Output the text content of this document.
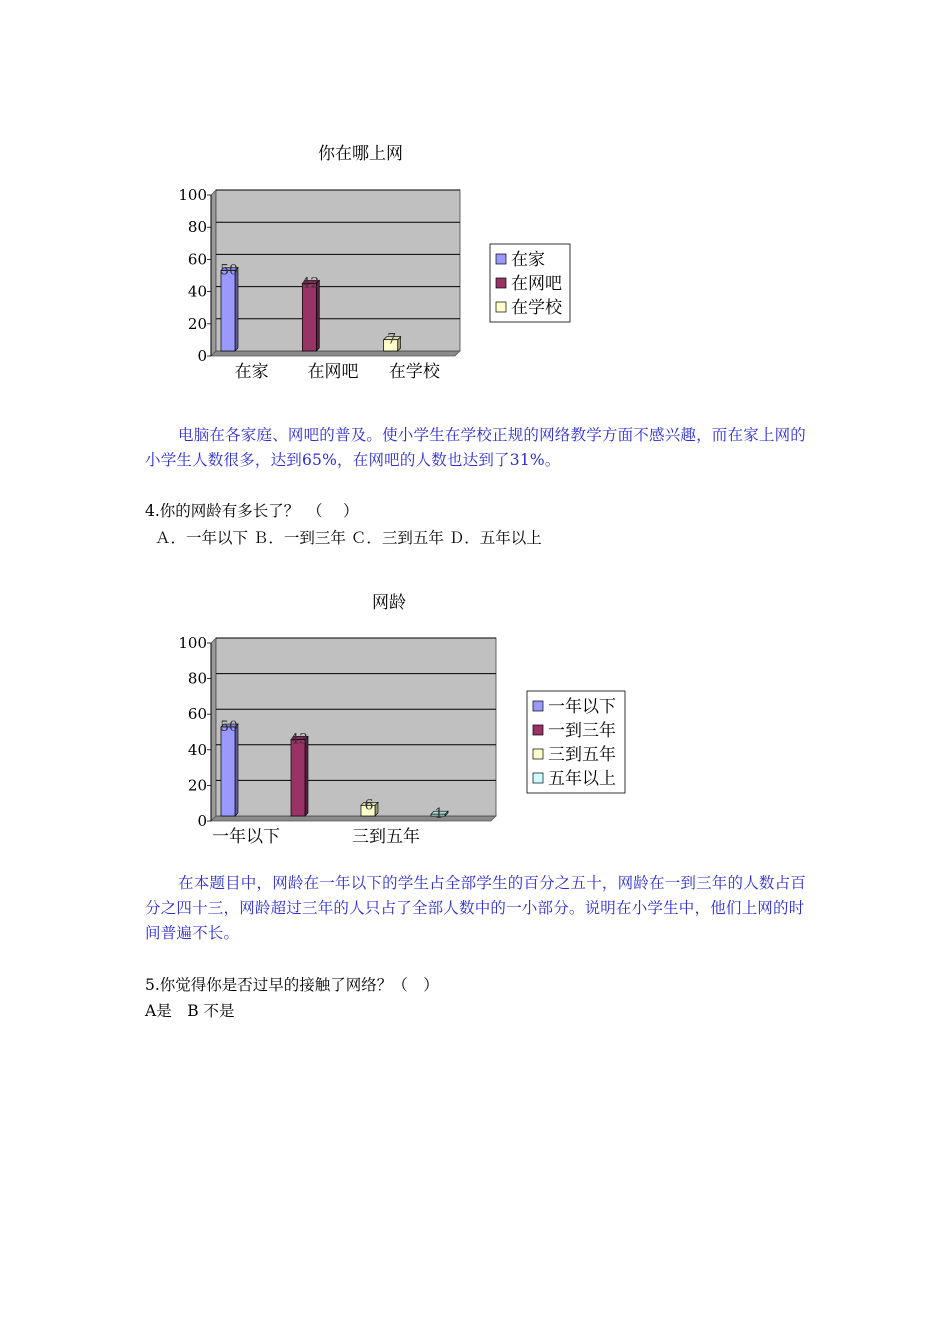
你在哪上网
0
20
40
60
80
100
50
42
7
在家 在网吧 在学校
在家
在网吧
在学校
电脑在各家庭、网吧的普及。使小学生在学校正规的网络教学方面不感兴趣，而在家上网的小学生人数很多，达到65%，在网吧的人数也达到了31%。
4.你的网龄有多长了？　（　 ）
Ａ．一年以下 Ｂ．一到三年 Ｃ．三到五年 Ｄ．五年以上
网龄
0
20
40
60
80
100
50
43
6
1
一年以下	三到五年
一年以下
一到三年
三到五年
五年以上
在本题目中，网龄在一年以下的学生占全部学生的百分之五十，网龄在一到三年的人数占百分之四十三，网龄超过三年的人只占了全部人数中的一小部分。说明在小学生中，他们上网的时间普遍不长。
5.你觉得你是否过早的接触了网络？（　）
A是　B 不是
